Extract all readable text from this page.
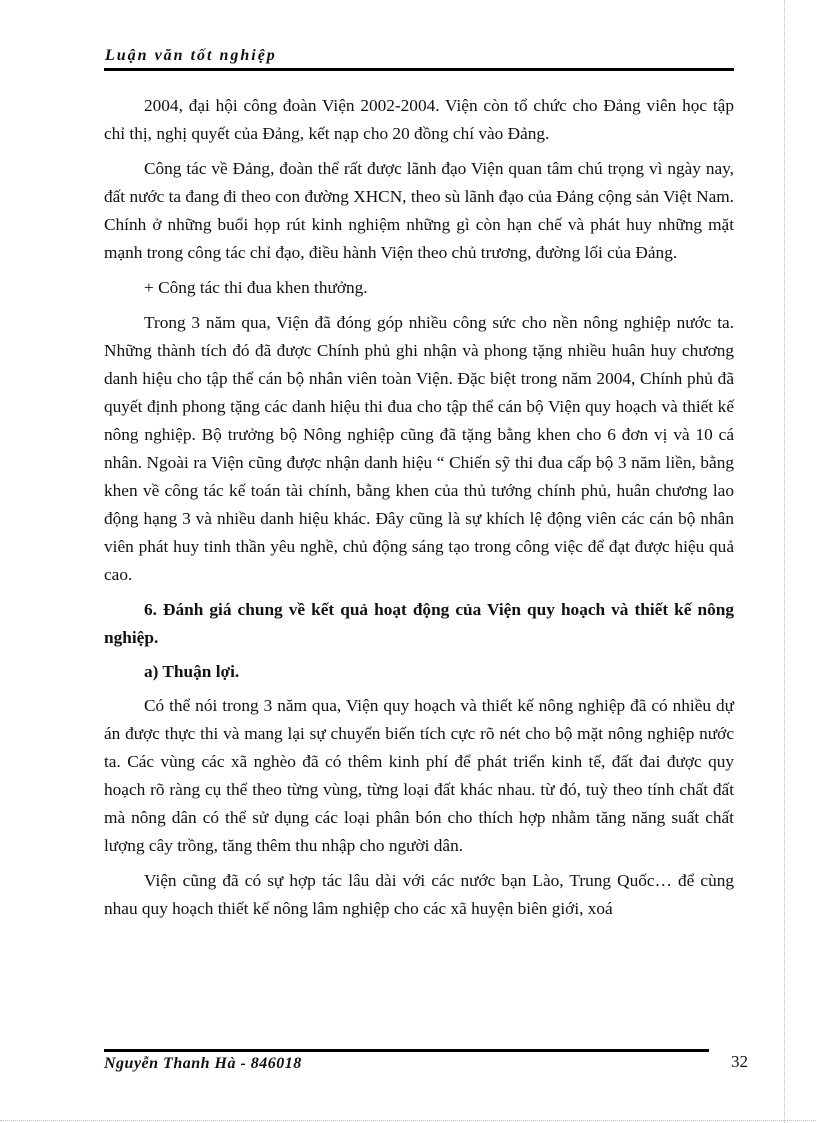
Luận văn tốt nghiệp

2004, đại hội công đoàn Viện 2002-2004. Viện còn tổ chức cho Đảng viên học tập chỉ thị, nghị quyết của Đảng, kết nạp cho 20 đồng chí vào Đảng.

Công tác về Đảng, đoàn thể rất được lãnh đạo Viện quan tâm chú trọng vì ngày nay, đất nước ta đang đi theo con đường XHCN, theo sù lãnh đạo của Đảng cộng sản Việt Nam. Chính ở những buổi họp rút kinh nghiệm những gì còn hạn chế và phát huy những mặt mạnh trong công tác chỉ đạo, điều hành Viện theo chủ trương, đường lối của Đảng.

+ Công tác thi đua khen thưởng.

Trong 3 năm qua, Viện đã đóng góp nhiều công sức cho nền nông nghiệp nước ta. Những thành tích đó đã được Chính phủ ghi nhận và phong tặng nhiều huân huy chương danh hiệu cho tập thể cán bộ nhân viên toàn Viện. Đặc biệt trong năm 2004, Chính phủ đã quyết định phong tặng các danh hiệu thi đua cho tập thể cán bộ Viện quy hoạch và thiết kế nông nghiệp. Bộ trưởng bộ Nông nghiệp cũng đã tặng bằng khen cho 6 đơn vị và 10 cá nhân. Ngoài ra Viện cũng được nhận danh hiệu “ Chiến sỹ thi đua cấp bộ 3 năm liền, bằng khen về công tác kế toán tài chính, bằng khen của thủ tướng chính phủ, huân chương lao động hạng 3 và nhiều danh hiệu khác. Đây cũng là sự khích lệ động viên các cán bộ nhân viên phát huy tinh thần yêu nghề, chủ động sáng tạo trong công việc để đạt được hiệu quả cao.

6. Đánh giá chung về kết quả hoạt động của Viện quy hoạch và thiết kế nông nghiệp.

a) Thuận lợi.

Có thể nói trong 3 năm qua, Viện quy hoạch và thiết kế nông nghiệp đã có nhiều dự án được thực thi và mang lại sự chuyển biến tích cực rõ nét cho bộ mặt nông nghiệp nước ta. Các vùng các xã nghèo đã có thêm kinh phí để phát triển kinh tế, đất đai được quy hoạch rõ ràng cụ thể theo từng vùng, từng loại đất khác nhau. từ đó, tuỳ theo tính chất đất mà nông dân có thể sử dụng các loại phân bón cho thích hợp nhằm tăng năng suất chất lượng cây trồng, tăng thêm thu nhập cho người dân.

Viện cũng đã có sự hợp tác lâu dài với các nước bạn Lào, Trung Quốc… để cùng nhau quy hoạch thiết kế nông lâm nghiệp cho các xã huyện biên giới, xoá

Nguyễn Thanh Hà - 846018	32
